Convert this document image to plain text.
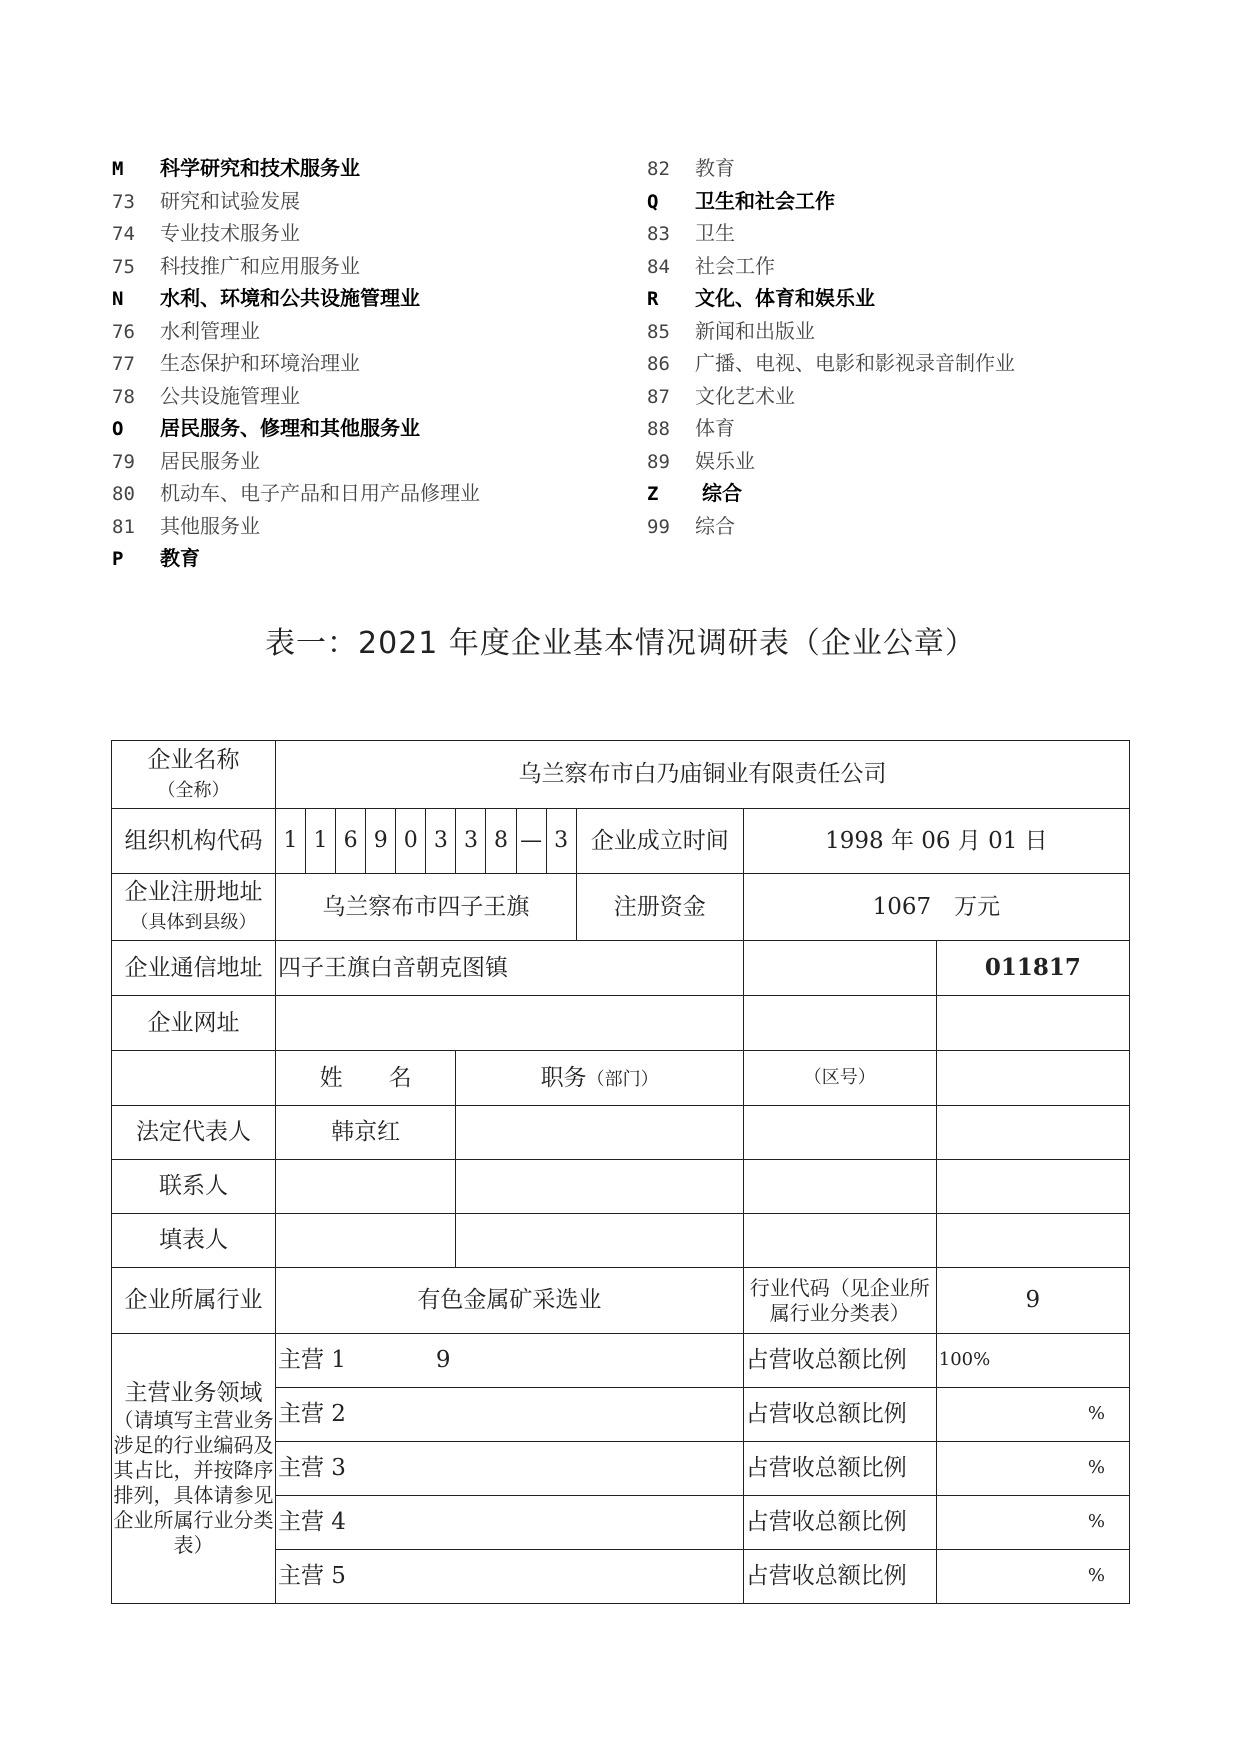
M 科学研究和技术服务业
73 研究和试验发展
74 专业技术服务业
75 科技推广和应用服务业
N 水利、环境和公共设施管理业
76 水利管理业
77 生态保护和环境治理业
78 公共设施管理业
O 居民服务、修理和其他服务业
79 居民服务业
80 机动车、电子产品和日用产品修理业
81 其他服务业
P 教育
82 教育
Q 卫生和社会工作
83 卫生
84 社会工作
R 文化、体育和娱乐业
85 新闻和出版业
86 广播、电视、电影和影视录音制作业
87 文化艺术业
88 体育
89 娱乐业
Z 综合
99 综合
表一：2021 年度企业基本情况调研表（企业公章）
企业名称
（全称）	乌兰察布市白乃庙铜业有限责任公司												
组织机构代码	1	1	6	9	0	3	3	8	—	3	企业成立时间	1998 年 06 月 01 日	
企业注册地址
（具体到县级）	乌兰察布市四子王旗										注册资金	1067　万元	
企业通信地址	四子王旗白音朝克图镇												011817
企业网址													
	姓　　名						职务（部门）					（区号）	
法定代表人	韩京红												
联系人													
填表人													
企业所属行业	有色金属矿采选业											行业代码（见企业所属行业分类表）	9
主营业务领域
（请填写主营业务涉足的行业编码及其占比，并按降序排列，具体请参见企业所属行业分类表）	主营 1 9											占营收总额比例	100%
	主营 2											占营收总额比例	%
	主营 3											占营收总额比例	%
	主营 4											占营收总额比例	%
	主营 5											占营收总额比例	%
